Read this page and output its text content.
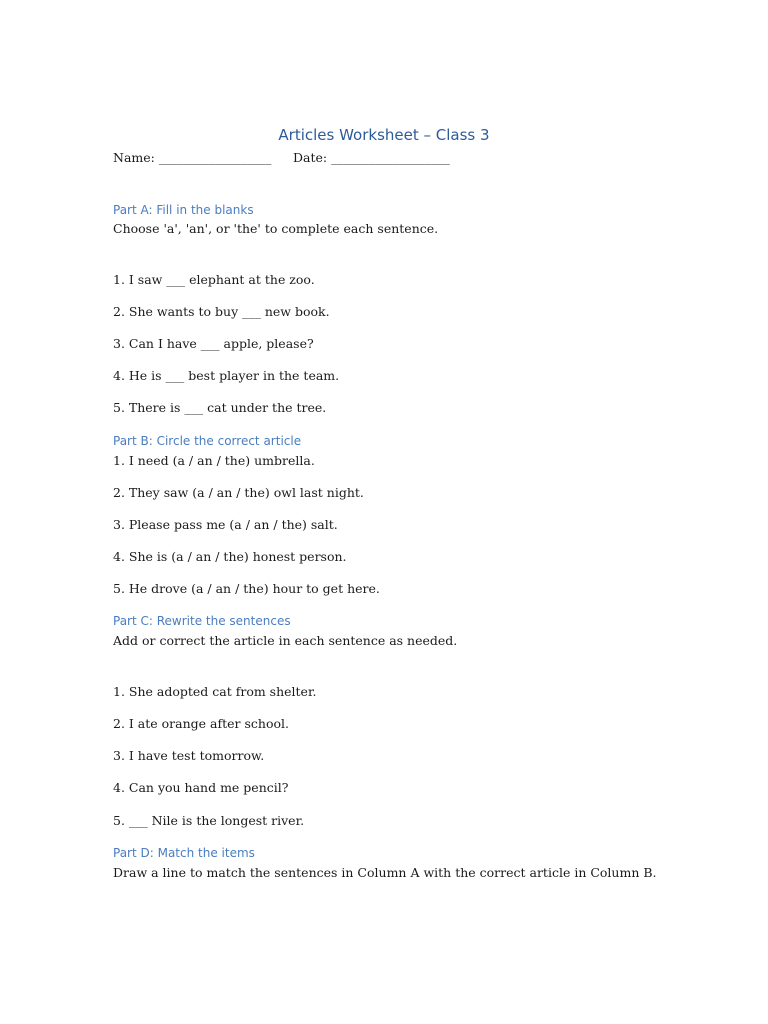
Articles Worksheet – Class 3
Name: __________________ Date: ___________________
Part A: Fill in the blanks
Choose 'a', 'an', or 'the' to complete each sentence.
1. I saw ___ elephant at the zoo.
2. She wants to buy ___ new book.
3. Can I have ___ apple, please?
4. He is ___ best player in the team.
5. There is ___ cat under the tree.
Part B: Circle the correct article
1. I need (a / an / the) umbrella.
2. They saw (a / an / the) owl last night.
3. Please pass me (a / an / the) salt.
4. She is (a / an / the) honest person.
5. He drove (a / an / the) hour to get here.
Part C: Rewrite the sentences
Add or correct the article in each sentence as needed.
1. She adopted cat from shelter.
2. I ate orange after school.
3. I have test tomorrow.
4. Can you hand me pencil?
5. ___ Nile is the longest river.
Part D: Match the items
Draw a line to match the sentences in Column A with the correct article in Column B.
